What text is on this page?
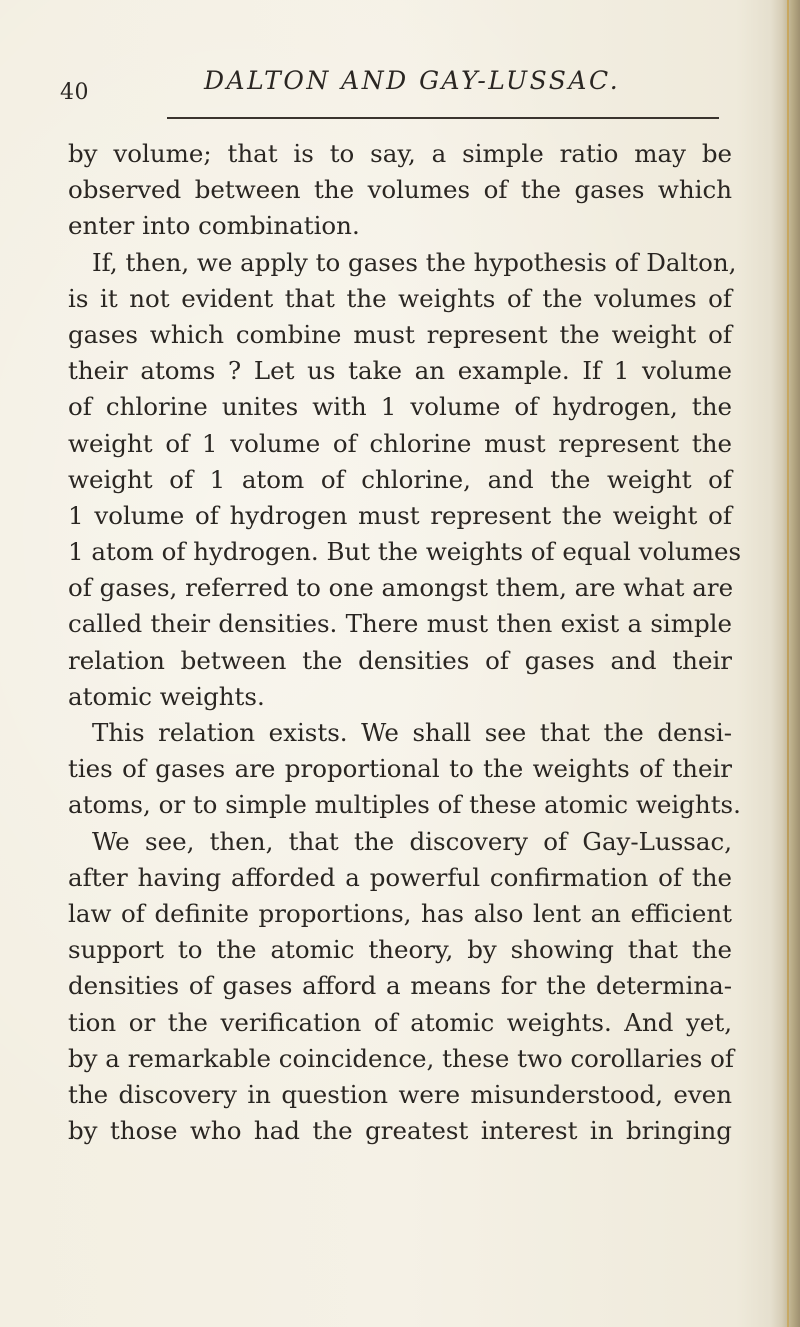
40	DALTON AND GAY-LUSSAC.
by volume; that is to say, a simple ratio may be
observed between the volumes of the gases which
enter into combination.
If, then, we apply to gases the hypothesis of Dalton,
is it not evident that the weights of the volumes of
gases which combine must represent the weight of
their atoms ? Let us take an example. If 1 volume
of chlorine unites with 1 volume of hydrogen, the
weight of 1 volume of chlorine must represent the
weight of 1 atom of chlorine, and the weight of
1 volume of hydrogen must represent the weight of
1 atom of hydrogen. But the weights of equal volumes
of gases, referred to one amongst them, are what are
called their densities. There must then exist a simple
relation between the densities of gases and their
atomic weights.
This relation exists. We shall see that the densi-
ties of gases are proportional to the weights of their
atoms, or to simple multiples of these atomic weights.
We see, then, that the discovery of Gay-Lussac,
after having afforded a powerful confirmation of the
law of definite proportions, has also lent an efficient
support to the atomic theory, by showing that the
densities of gases afford a means for the determina-
tion or the verification of atomic weights. And yet,
by a remarkable coincidence, these two corollaries of
the discovery in question were misunderstood, even
by those who had the greatest interest in bringing
